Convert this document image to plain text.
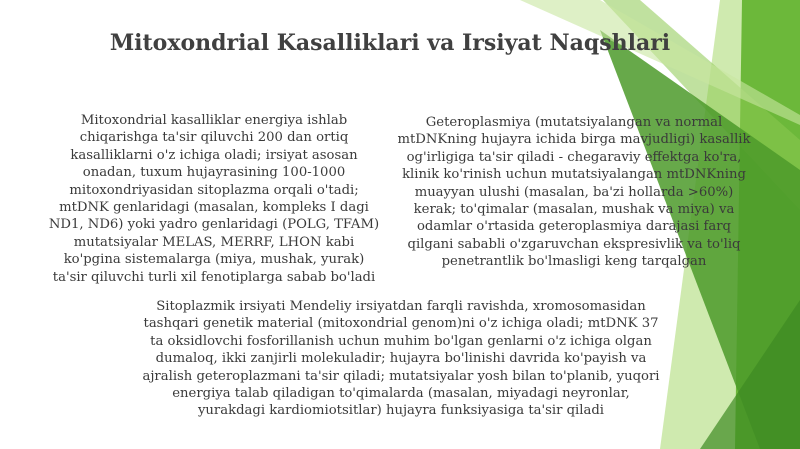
Mitoxondrial Kasalliklari va Irsiyat Naqshlari
Mitoxondrial kasalliklar energiya ishlab chiqarishga ta'sir qiluvchi 200 dan ortiq kasalliklarni o'z ichiga oladi; irsiyat asosan onadan, tuxum hujayrasining 100-1000 mitoxondriyasidan sitoplazma orqali o'tadi; mtDNK genlaridagi (masalan, kompleks I dagi ND1, ND6) yoki yadro genlaridagi (POLG, TFAM) mutatsiyalar MELAS, MERRF, LHON kabi ko'pgina sistemalarga (miya, mushak, yurak) ta'sir qiluvchi turli xil fenotiplarga sabab bo'ladi
Geteroplasmiya (mutatsiyalangan va normal mtDNKning hujayra ichida birga mavjudligi) kasallik og'irligiga ta'sir qiladi - chegaraviy effektga ko'ra, klinik ko'rinish uchun mutatsiyalangan mtDNKning muayyan ulushi (masalan, ba'zi hollarda >60%) kerak; to'qimalar (masalan, mushak va miya) va odamlar o'rtasida geteroplasmiya darajasi farq qilgani sababli o'zgaruvchan ekspresivlik va to'liq penetrantlik bo'lmasligi keng tarqalgan
Sitoplazmik irsiyati Mendeliy irsiyatdan farqli ravishda, xromosomasidan tashqari genetik material (mitoxondrial genom)ni o'z ichiga oladi; mtDNK 37 ta oksidlovchi fosforillanish uchun muhim bo'lgan genlarni o'z ichiga olgan dumaloq, ikki zanjirli molekuladir; hujayra bo'linishi davrida ko'payish va ajralish geteroplazmani ta'sir qiladi; mutatsiyalar yosh bilan to'planib, yuqori energiya talab qiladigan to'qimalarda (masalan, miyadagi neyronlar, yurakdagi kardiomiotsitlar) hujayra funksiyasiga ta'sir qiladi
